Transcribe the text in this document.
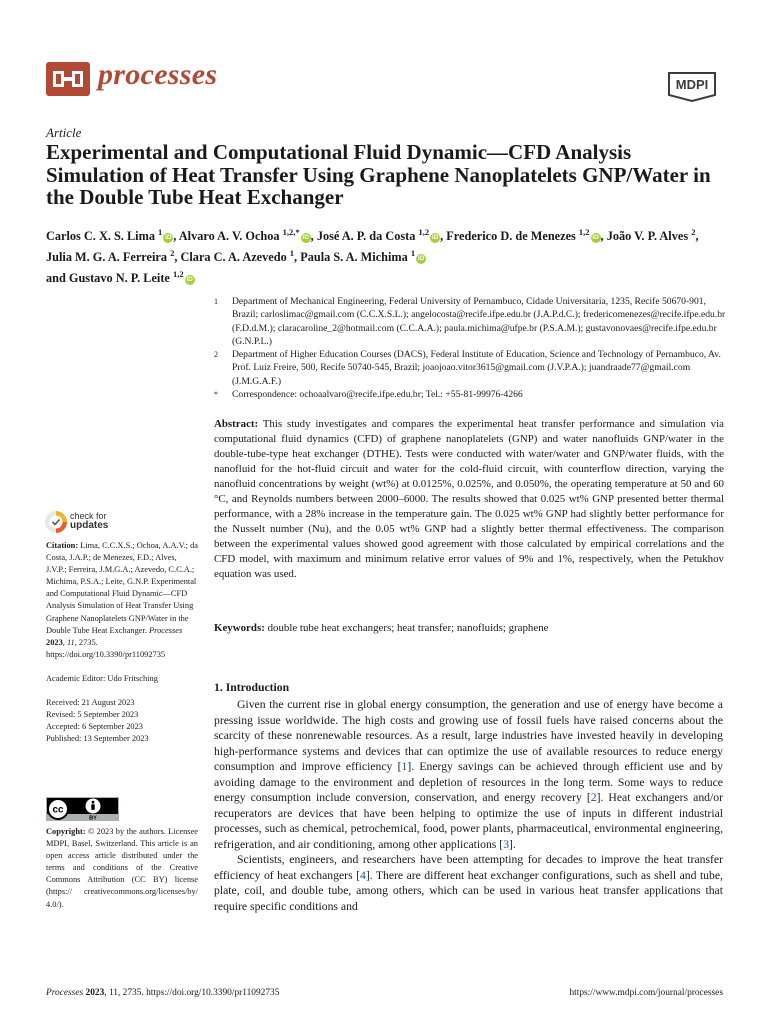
processes	MDPI
Article
Experimental and Computational Fluid Dynamic—CFD Analysis Simulation of Heat Transfer Using Graphene Nanoplatelets GNP/Water in the Double Tube Heat Exchanger
Carlos C. X. S. Lima $^1$iD , Alvaro A. V. Ochoa $^{1,2,*}$iD , José A. P. da Costa $^{1,2}$iD , Frederico D. de Menezes $^{1,2}$iD , João V. P. Alves $^2$, Julia M. G. A. Ferreira $^2$, Clara C. A. Azevedo $^1$, Paula S. A. Michima $^1$iD
and Gustavo N. P. Leite $^{1,2}$iD
1	Department of Mechanical Engineering, Federal University of Pernambuco, Cidade Universitaria, 1235, Recife 50670-901, Brazil; carloslimac@gmail.com (C.C.X.S.L.); angelocosta@recife.ifpe.edu.br (J.A.P.d.C.); fredericomenezes@recife.ifpe.edu.br (F.D.d.M.); claracaroline_2@hotmail.com (C.C.A.A.); paula.michima@ufpe.br (P.S.A.M.); gustavonovaes@recife.ifpe.edu.br (G.N.P.L.)
2	Department of Higher Education Courses (DACS), Federal Institute of Education, Science and Technology of Pernambuco, Av. Prof. Luiz Freire, 500, Recife 50740-545, Brazil; joaojoao.vitor3615@gmail.com (J.V.P.A.); juandraade77@gmail.com (J.M.G.A.F.)
*	Correspondence: ochoaalvaro@recife.ifpe.edu.br; Tel.: +55-81-99976-4266
Abstract: This study investigates and compares the experimental heat transfer performance and simulation via computational fluid dynamics (CFD) of graphene nanoplatelets (GNP) and water nanofluids GNP/water in the double-tube-type heat exchanger (DTHE). Tests were conducted with water/water and GNP/water fluids, with the nanofluid for the hot-fluid circuit and water for the cold-fluid circuit, with counterflow direction, varying the nanofluid concentrations by weight (wt%) at 0.0125%, 0.025%, and 0.050%, the operating temperature at 50 and 60 °C, and Reynolds numbers between 2000–6000. The results showed that 0.025 wt% GNP presented better thermal performance, with a 28% increase in the temperature gain. The 0.025 wt% GNP had slightly better performance for the Nusselt number (Nu), and the 0.05 wt% GNP had a slightly better thermal effectiveness. The comparison between the experimental values showed good agreement with those calculated by empirical correlations and the CFD model, with maximum and minimum relative error values of 9% and 1%, respectively, when the Petukhov equation was used.
Keywords: double tube heat exchangers; heat transfer; nanofluids; graphene
check for
updates

Citation: Lima, C.C.X.S.; Ochoa, A.A.V.; da Costa, J.A.P.; de Menezes, F.D.; Alves, J.V.P.; Ferreira, J.M.G.A.; Azevedo, C.C.A.; Michima, P.S.A.; Leite, G.N.P. Experimental and Computational Fluid Dynamic—CFD Analysis Simulation of Heat Transfer Using Graphene Nanoplatelets GNP/Water in the Double Tube Heat Exchanger. Processes 2023, 11, 2735. https://doi.org/10.3390/pr11092735

Academic Editor: Udo Fritsching

Received: 21 August 2023
Revised: 5 September 2023
Accepted: 6 September 2023
Published: 13 September 2023
cc
BY
Copyright: © 2023 by the authors. Licensee MDPI, Basel, Switzerland. This article is an open access article distributed under the terms and conditions of the Creative Commons Attribution (CC BY) license (https:// creativecommons.org/licenses/by/ 4.0/).
1. Introduction

Given the current rise in global energy consumption, the generation and use of energy have become a pressing issue worldwide. The high costs and growing use of fossil fuels have raised concerns about the scarcity of these nonrenewable resources. As a result, large industries have invested heavily in developing high-performance systems and devices that can optimize the use of available resources to reduce energy consumption and improve efficiency [1]. Energy savings can be achieved through efficient use and by avoiding damage to the environment and depletion of resources in the long term. Some ways to reduce energy consumption include conversion, conservation, and energy recovery [2]. Heat exchangers and/or recuperators are devices that have been helping to optimize the use of inputs in different industrial processes, such as chemical, petrochemical, food, power plants, pharmaceutical, environmental engineering, refrigeration, and air conditioning, among other applications [3].

Scientists, engineers, and researchers have been attempting for decades to improve the heat transfer efficiency of heat exchangers [4]. There are different heat exchanger configurations, such as shell and tube, plate, coil, and double tube, among others, which can be used in various heat transfer applications that require specific conditions and

Processes 2023, 11, 2735. https://doi.org/10.3390/pr11092735	https://www.mdpi.com/journal/processes
